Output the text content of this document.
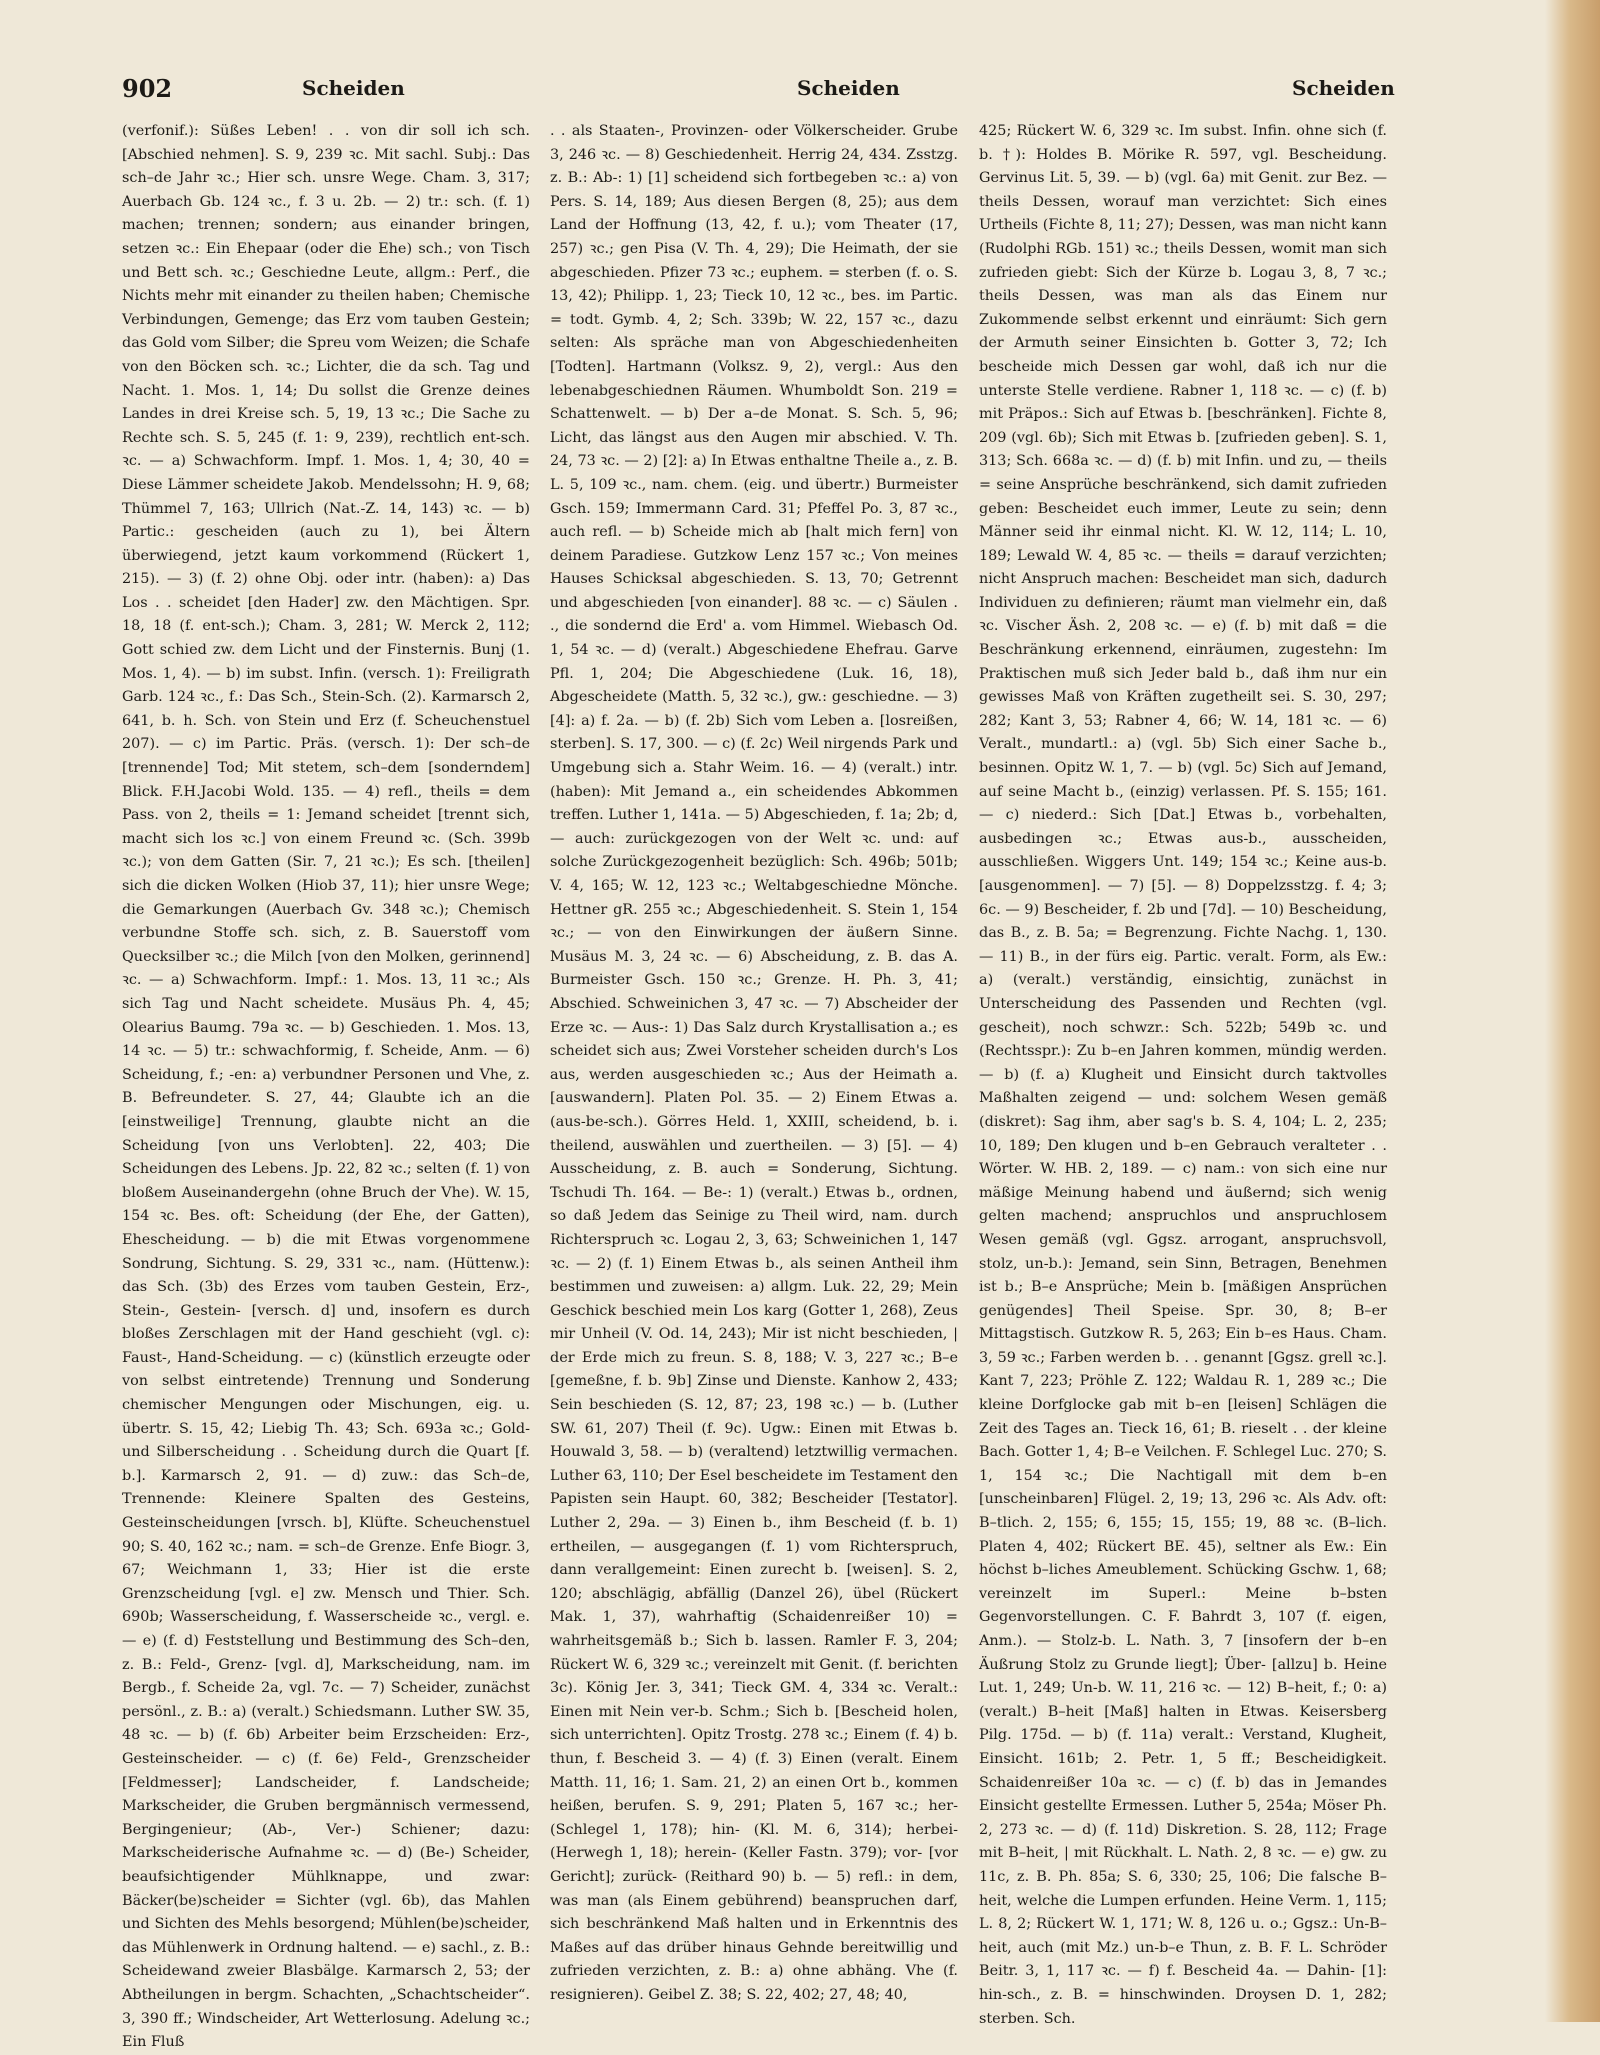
902	Scheiden	Scheiden	Scheiden

(verfonif.): Süßes Leben! . . von dir soll ich sch. [Abschied nehmen]. S. 9, 239 ꝛc. Mit sachl. Subj.: Das sch–de Jahr ꝛc.; Hier sch. unsre Wege. Cham. 3, 317; Auerbach Gb. 124 ꝛc., f. 3 u. 2b. — 2) tr.: sch. (f. 1) machen; trennen; sondern; aus einander bringen, setzen ꝛc.: Ein Ehepaar (oder die Ehe) sch.; von Tisch und Bett sch. ꝛc.; Geschiedne Leute, allgm.: Perf., die Nichts mehr mit einander zu theilen haben; Chemische Verbindungen, Gemenge; das Erz vom tauben Gestein; das Gold vom Silber; die Spreu vom Weizen; die Schafe von den Böcken sch. ꝛc.; Lichter, die da sch. Tag und Nacht. 1. Mos. 1, 14; Du sollst die Grenze deines Landes in drei Kreise sch. 5, 19, 13 ꝛc.; Die Sache zu Rechte sch. S. 5, 245 (f. 1: 9, 239), rechtlich ent-sch. ꝛc. — a) Schwachform. Impf. 1. Mos. 1, 4; 30, 40 = Diese Lämmer scheidete Jakob. Mendelssohn; H. 9, 68; Thümmel 7, 163; Ullrich (Nat.-Z. 14, 143) ꝛc. — b) Partic.: gescheiden (auch zu 1), bei Ältern überwiegend, jetzt kaum vorkommend (Rückert 1, 215). — 3) (f. 2) ohne Obj. oder intr. (haben): a) Das Los . . scheidet [den Hader] zw. den Mächtigen. Spr. 18, 18 (f. ent-sch.); Cham. 3, 281; W. Merck 2, 112; Gott schied zw. dem Licht und der Finsternis. Bunj (1. Mos. 1, 4). — b) im subst. Infin. (versch. 1): Freiligrath Garb. 124 ꝛc., f.: Das Sch., Stein-Sch. (2). Karmarsch 2, 641, b. h. Sch. von Stein und Erz (f. Scheuchenstuel 207). — c) im Partic. Präs. (versch. 1): Der sch–de [trennende] Tod; Mit stetem, sch–dem [sonderndem] Blick. F.H.Jacobi Wold. 135. — 4) refl., theils = dem Pass. von 2, theils = 1: Jemand scheidet [trennt sich, macht sich los ꝛc.] von einem Freund ꝛc. (Sch. 399b ꝛc.); von dem Gatten (Sir. 7, 21 ꝛc.); Es sch. [theilen] sich die dicken Wolken (Hiob 37, 11); hier unsre Wege; die Gemarkungen (Auerbach Gv. 348 ꝛc.); Chemisch verbundne Stoffe sch. sich, z. B. Sauerstoff vom Quecksilber ꝛc.; die Milch [von den Molken, gerinnend] ꝛc. — a) Schwachform. Impf.: 1. Mos. 13, 11 ꝛc.; Als sich Tag und Nacht scheidete. Musäus Ph. 4, 45; Olearius Baumg. 79a ꝛc. — b) Geschieden. 1. Mos. 13, 14 ꝛc. — 5) tr.: schwachformig, f. Scheide, Anm. — 6) Scheidung, f.; -en: a) verbundner Personen und Vhe, z. B. Befreundeter. S. 27, 44; Glaubte ich an die [einstweilige] Trennung, glaubte nicht an die Scheidung [von uns Verlobten]. 22, 403; Die Scheidungen des Lebens. Jp. 22, 82 ꝛc.; selten (f. 1) von bloßem Auseinandergehn (ohne Bruch der Vhe). W. 15, 154 ꝛc. Bes. oft: Scheidung (der Ehe, der Gatten), Ehescheidung. — b) die mit Etwas vorgenommene Sondrung, Sichtung. S. 29, 331 ꝛc., nam. (Hüttenw.): das Sch. (3b) des Erzes vom tauben Gestein, Erz-, Stein-, Gestein- [versch. d] und, insofern es durch bloßes Zerschlagen mit der Hand geschieht (vgl. c): Faust-, Hand-Scheidung. — c) (künstlich erzeugte oder von selbst eintretende) Trennung und Sonderung chemischer Mengungen oder Mischungen, eig. u. übertr. S. 15, 42; Liebig Th. 43; Sch. 693a ꝛc.; Gold- und Silberscheidung . . Scheidung durch die Quart [f. b.]. Karmarsch 2, 91. — d) zuw.: das Sch–de, Trennende: Kleinere Spalten des Gesteins, Gesteinscheidungen [vrsch. b], Klüfte. Scheuchenstuel 90; S. 40, 162 ꝛc.; nam. = sch–de Grenze. Enfe Biogr. 3, 67; Weichmann 1, 33; Hier ist die erste Grenzscheidung [vgl. e] zw. Mensch und Thier. Sch. 690b; Wasserscheidung, f. Wasserscheide ꝛc., vergl. e. — e) (f. d) Feststellung und Bestimmung des Sch–den, z. B.: Feld-, Grenz- [vgl. d], Markscheidung, nam. im Bergb., f. Scheide 2a, vgl. 7c. — 7) Scheider, zunächst persönl., z. B.: a) (veralt.) Schiedsmann. Luther SW. 35, 48 ꝛc. — b) (f. 6b) Arbeiter beim Erzscheiden: Erz-, Gesteinscheider. — c) (f. 6e) Feld-, Grenzscheider [Feldmesser]; Landscheider, f. Landscheide; Markscheider, die Gruben bergmännisch vermessend, Bergingenieur; (Ab-, Ver-) Schiener; dazu: Markscheiderische Aufnahme ꝛc. — d) (Be-) Scheider, beaufsichtigender Mühlknappe, und zwar: Bäcker(be)scheider = Sichter (vgl. 6b), das Mahlen und Sichten des Mehls besorgend; Mühlen(be)scheider, das Mühlenwerk in Ordnung haltend. — e) sachl., z. B.: Scheidewand zweier Blasbälge. Karmarsch 2, 53; der Abtheilungen in bergm. Schachten, „Schachtscheider“. 3, 390 ff.; Windscheider, Art Wetterlosung. Adelung ꝛc.; Ein Fluß

. . als Staaten-, Provinzen- oder Völkerscheider. Grube 3, 246 ꝛc. — 8) Geschiedenheit. Herrig 24, 434. Zsstzg. z. B.: Ab-: 1) [1] scheidend sich fortbegeben ꝛc.: a) von Pers. S. 14, 189; Aus diesen Bergen (8, 25); aus dem Land der Hoffnung (13, 42, f. u.); vom Theater (17, 257) ꝛc.; gen Pisa (V. Th. 4, 29); Die Heimath, der sie abgeschieden. Pfizer 73 ꝛc.; euphem. = sterben (f. o. S. 13, 42); Philipp. 1, 23; Tieck 10, 12 ꝛc., bes. im Partic. = todt. Gymb. 4, 2; Sch. 339b; W. 22, 157 ꝛc., dazu selten: Als spräche man von Abgeschiedenheiten [Todten]. Hartmann (Volksz. 9, 2), vergl.: Aus den lebenabgeschiednen Räumen. Whumboldt Son. 219 = Schattenwelt. — b) Der a–de Monat. S. Sch. 5, 96; Licht, das längst aus den Augen mir abschied. V. Th. 24, 73 ꝛc. — 2) [2]: a) In Etwas enthaltne Theile a., z. B. L. 5, 109 ꝛc., nam. chem. (eig. und übertr.) Burmeister Gsch. 159; Immermann Card. 31; Pfeffel Po. 3, 87 ꝛc., auch refl. — b) Scheide mich ab [halt mich fern] von deinem Paradiese. Gutzkow Lenz 157 ꝛc.; Von meines Hauses Schicksal abgeschieden. S. 13, 70; Getrennt und abgeschieden [von einander]. 88 ꝛc. — c) Säulen . ., die sondernd die Erd' a. vom Himmel. Wiebasch Od. 1, 54 ꝛc. — d) (veralt.) Abgeschiedene Ehefrau. Garve Pfl. 1, 204; Die Abgeschiedene (Luk. 16, 18), Abgescheidete (Matth. 5, 32 ꝛc.), gw.: geschiedne. — 3) [4]: a) f. 2a. — b) (f. 2b) Sich vom Leben a. [losreißen, sterben]. S. 17, 300. — c) (f. 2c) Weil nirgends Park und Umgebung sich a. Stahr Weim. 16. — 4) (veralt.) intr. (haben): Mit Jemand a., ein scheidendes Abkommen treffen. Luther 1, 141a. — 5) Abgeschieden, f. 1a; 2b; d, — auch: zurückgezogen von der Welt ꝛc. und: auf solche Zurückgezogenheit bezüglich: Sch. 496b; 501b; V. 4, 165; W. 12, 123 ꝛc.; Weltabgeschiedne Mönche. Hettner gR. 255 ꝛc.; Abgeschiedenheit. S. Stein 1, 154 ꝛc.; — von den Einwirkungen der äußern Sinne. Musäus M. 3, 24 ꝛc. — 6) Abscheidung, z. B. das A. Burmeister Gsch. 150 ꝛc.; Grenze. H. Ph. 3, 41; Abschied. Schweinichen 3, 47 ꝛc. — 7) Abscheider der Erze ꝛc. — Aus-: 1) Das Salz durch Krystallisation a.; es scheidet sich aus; Zwei Vorsteher scheiden durch's Los aus, werden ausgeschieden ꝛc.; Aus der Heimath a. [auswandern]. Platen Pol. 35. — 2) Einem Etwas a. (aus-be-sch.). Görres Held. 1, XXIII, scheidend, b. i. theilend, auswählen und zuertheilen. — 3) [5]. — 4) Ausscheidung, z. B. auch = Sonderung, Sichtung. Tschudi Th. 164. — Be-: 1) (veralt.) Etwas b., ordnen, so daß Jedem das Seinige zu Theil wird, nam. durch Richterspruch ꝛc. Logau 2, 3, 63; Schweinichen 1, 147 ꝛc. — 2) (f. 1) Einem Etwas b., als seinen Antheil ihm bestimmen und zuweisen: a) allgm. Luk. 22, 29; Mein Geschick beschied mein Los karg (Gotter 1, 268), Zeus mir Unheil (V. Od. 14, 243); Mir ist nicht beschieden, | der Erde mich zu freun. S. 8, 188; V. 3, 227 ꝛc.; B–e [gemeßne, f. b. 9b] Zinse und Dienste. Kanhow 2, 433; Sein beschieden (S. 12, 87; 23, 198 ꝛc.) — b. (Luther SW. 61, 207) Theil (f. 9c). Ugw.: Einen mit Etwas b. Houwald 3, 58. — b) (veraltend) letztwillig vermachen. Luther 63, 110; Der Esel bescheidete im Testament den Papisten sein Haupt. 60, 382; Bescheider [Testator]. Luther 2, 29a. — 3) Einen b., ihm Bescheid (f. b. 1) ertheilen, — ausgegangen (f. 1) vom Richterspruch, dann verallgemeint: Einen zurecht b. [weisen]. S. 2, 120; abschlägig, abfällig (Danzel 26), übel (Rückert Mak. 1, 37), wahrhaftig (Schaidenreißer 10) = wahrheitsgemäß b.; Sich b. lassen. Ramler F. 3, 204; Rückert W. 6, 329 ꝛc.; vereinzelt mit Genit. (f. berichten 3c). König Jer. 3, 341; Tieck GM. 4, 334 ꝛc. Veralt.: Einen mit Nein ver-b. Schm.; Sich b. [Bescheid holen, sich unterrichten]. Opitz Trostg. 278 ꝛc.; Einem (f. 4) b. thun, f. Bescheid 3. — 4) (f. 3) Einen (veralt. Einem Matth. 11, 16; 1. Sam. 21, 2) an einen Ort b., kommen heißen, berufen. S. 9, 291; Platen 5, 167 ꝛc.; her- (Schlegel 1, 178); hin- (Kl. M. 6, 314); herbei- (Herwegh 1, 18); herein- (Keller Fastn. 379); vor- [vor Gericht]; zurück- (Reithard 90) b. — 5) refl.: in dem, was man (als Einem gebührend) beanspruchen darf, sich beschränkend Maß halten und in Erkenntnis des Maßes auf das drüber hinaus Gehnde bereitwillig und zufrieden verzichten, z. B.: a) ohne abhäng. Vhe (f. resignieren). Geibel Z. 38; S. 22, 402; 27, 48; 40,

425; Rückert W. 6, 329 ꝛc. Im subst. Infin. ohne sich (f. b. †): Holdes B. Mörike R. 597, vgl. Bescheidung. Gervinus Lit. 5, 39. — b) (vgl. 6a) mit Genit. zur Bez. — theils Dessen, worauf man verzichtet: Sich eines Urtheils (Fichte 8, 11; 27); Dessen, was man nicht kann (Rudolphi RGb. 151) ꝛc.; theils Dessen, womit man sich zufrieden giebt: Sich der Kürze b. Logau 3, 8, 7 ꝛc.; theils Dessen, was man als das Einem nur Zukommende selbst erkennt und einräumt: Sich gern der Armuth seiner Einsichten b. Gotter 3, 72; Ich bescheide mich Dessen gar wohl, daß ich nur die unterste Stelle verdiene. Rabner 1, 118 ꝛc. — c) (f. b) mit Präpos.: Sich auf Etwas b. [beschränken]. Fichte 8, 209 (vgl. 6b); Sich mit Etwas b. [zufrieden geben]. S. 1, 313; Sch. 668a ꝛc. — d) (f. b) mit Infin. und zu, — theils = seine Ansprüche beschränkend, sich damit zufrieden geben: Bescheidet euch immer, Leute zu sein; denn Männer seid ihr einmal nicht. Kl. W. 12, 114; L. 10, 189; Lewald W. 4, 85 ꝛc. — theils = darauf verzichten; nicht Anspruch machen: Bescheidet man sich, dadurch Individuen zu definieren; räumt man vielmehr ein, daß ꝛc. Vischer Äsh. 2, 208 ꝛc. — e) (f. b) mit daß = die Beschränkung erkennend, einräumen, zugestehn: Im Praktischen muß sich Jeder bald b., daß ihm nur ein gewisses Maß von Kräften zugetheilt sei. S. 30, 297; 282; Kant 3, 53; Rabner 4, 66; W. 14, 181 ꝛc. — 6) Veralt., mundartl.: a) (vgl. 5b) Sich einer Sache b., besinnen. Opitz W. 1, 7. — b) (vgl. 5c) Sich auf Jemand, auf seine Macht b., (einzig) verlassen. Pf. S. 155; 161. — c) niederd.: Sich [Dat.] Etwas b., vorbehalten, ausbedingen ꝛc.; Etwas aus-b., ausscheiden, ausschließen. Wiggers Unt. 149; 154 ꝛc.; Keine aus-b. [ausgenommen]. — 7) [5]. — 8) Doppelzsstzg. f. 4; 3; 6c. — 9) Bescheider, f. 2b und [7d]. — 10) Bescheidung, das B., z. B. 5a; = Begrenzung. Fichte Nachg. 1, 130. — 11) B., in der fürs eig. Partic. veralt. Form, als Ew.: a) (veralt.) verständig, einsichtig, zunächst in Unterscheidung des Passenden und Rechten (vgl. gescheit), noch schwzr.: Sch. 522b; 549b ꝛc. und (Rechtsspr.): Zu b–en Jahren kommen, mündig werden. — b) (f. a) Klugheit und Einsicht durch taktvolles Maßhalten zeigend — und: solchem Wesen gemäß (diskret): Sag ihm, aber sag's b. S. 4, 104; L. 2, 235; 10, 189; Den klugen und b–en Gebrauch veralteter . . Wörter. W. HB. 2, 189. — c) nam.: von sich eine nur mäßige Meinung habend und äußernd; sich wenig gelten machend; anspruchlos und anspruchlosem Wesen gemäß (vgl. Ggsz. arrogant, anspruchsvoll, stolz, un-b.): Jemand, sein Sinn, Betragen, Benehmen ist b.; B–e Ansprüche; Mein b. [mäßigen Ansprüchen genügendes] Theil Speise. Spr. 30, 8; B–er Mittagstisch. Gutzkow R. 5, 263; Ein b–es Haus. Cham. 3, 59 ꝛc.; Farben werden b. . . genannt [Ggsz. grell ꝛc.]. Kant 7, 223; Pröhle Z. 122; Waldau R. 1, 289 ꝛc.; Die kleine Dorfglocke gab mit b–en [leisen] Schlägen die Zeit des Tages an. Tieck 16, 61; B. rieselt . . der kleine Bach. Gotter 1, 4; B–e Veilchen. F. Schlegel Luc. 270; S. 1, 154 ꝛc.; Die Nachtigall mit dem b–en [unscheinbaren] Flügel. 2, 19; 13, 296 ꝛc. Als Adv. oft: B–tlich. 2, 155; 6, 155; 15, 155; 19, 88 ꝛc. (B–lich. Platen 4, 402; Rückert BE. 45), seltner als Ew.: Ein höchst b–liches Ameublement. Schücking Gschw. 1, 68; vereinzelt im Superl.: Meine b–bsten Gegenvorstellungen. C. F. Bahrdt 3, 107 (f. eigen, Anm.). — Stolz-b. L. Nath. 3, 7 [insofern der b–en Äußrung Stolz zu Grunde liegt]; Über- [allzu] b. Heine Lut. 1, 249; Un-b. W. 11, 216 ꝛc. — 12) B–heit, f.; 0: a) (veralt.) B–heit [Maß] halten in Etwas. Keisersberg Pilg. 175d. — b) (f. 11a) veralt.: Verstand, Klugheit, Einsicht. 161b; 2. Petr. 1, 5 ff.; Bescheidigkeit. Schaidenreißer 10a ꝛc. — c) (f. b) das in Jemandes Einsicht gestellte Ermessen. Luther 5, 254a; Möser Ph. 2, 273 ꝛc. — d) (f. 11d) Diskretion. S. 28, 112; Frage mit B–heit, | mit Rückhalt. L. Nath. 2, 8 ꝛc. — e) gw. zu 11c, z. B. Ph. 85a; S. 6, 330; 25, 106; Die falsche B–heit, welche die Lumpen erfunden. Heine Verm. 1, 115; L. 8, 2; Rückert W. 1, 171; W. 8, 126 u. o.; Ggsz.: Un-B–heit, auch (mit Mz.) un-b–e Thun, z. B. F. L. Schröder Beitr. 3, 1, 117 ꝛc. — f) f. Bescheid 4a. — Dahin- [1]: hin-sch., z. B. = hinschwinden. Droysen D. 1, 282; sterben. Sch.
